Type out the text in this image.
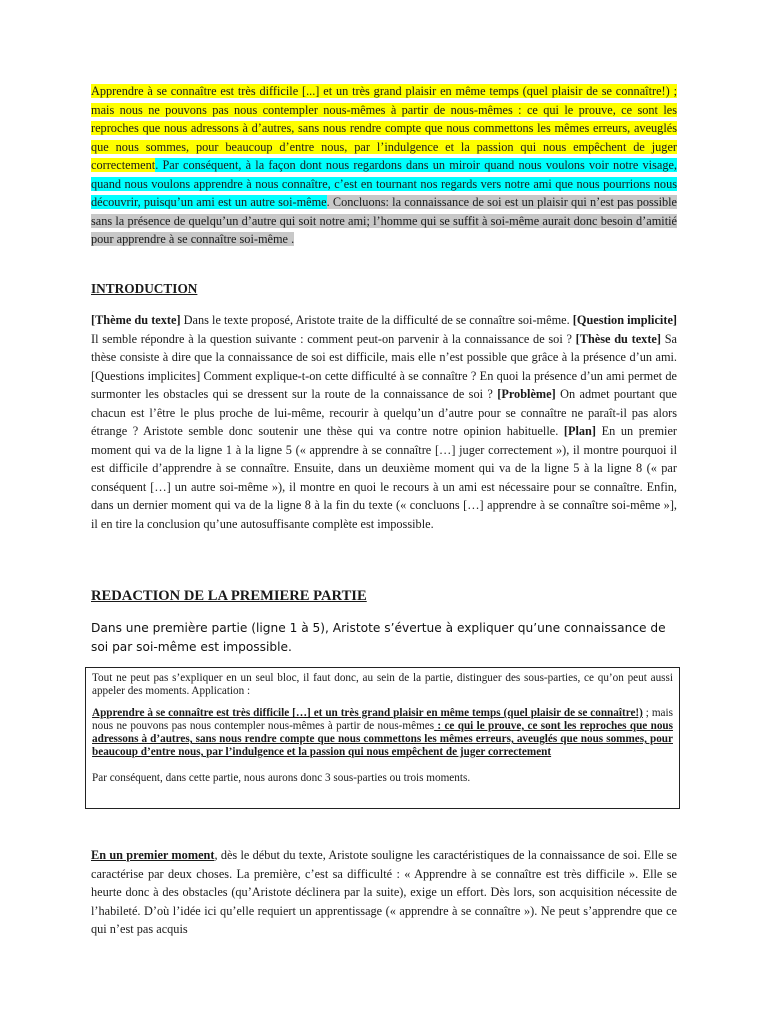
Apprendre à se connaître est très difficile [...] et un très grand plaisir en même temps (quel plaisir de se connaître!) ; mais nous ne pouvons pas nous contempler nous-mêmes à partir de nous-mêmes : ce qui le prouve, ce sont les reproches que nous adressons à d’autres, sans nous rendre compte que nous commettons les mêmes erreurs, aveuglés que nous sommes, pour beaucoup d’entre nous, par l’indulgence et la passion qui nous empêchent de juger correctement. Par conséquent, à la façon dont nous regardons dans un miroir quand nous voulons voir notre visage, quand nous voulons apprendre à nous connaître, c’est en tournant nos regards vers notre ami que nous pourrions nous découvrir, puisqu’un ami est un autre soi-même. Concluons: la connaissance de soi est un plaisir qui n’est pas possible sans la présence de quelqu’un d’autre qui soit notre ami; l’homme qui se suffit à soi-même aurait donc besoin d’amitié pour apprendre à se connaître soi-même .

INTRODUCTION

[Thème du texte] Dans le texte proposé, Aristote traite de la difficulté de se connaître soi-même. [Question implicite] Il semble répondre à la question suivante : comment peut-on parvenir à la connaissance de soi ? [Thèse du texte] Sa thèse consiste à dire que la connaissance de soi est difficile, mais elle n’est possible que grâce à la présence d’un ami. [Questions implicites] Comment explique-t-on cette difficulté à se connaître ? En quoi la présence d’un ami permet de surmonter les obstacles qui se dressent sur la route de la connaissance de soi ? [Problème] On admet pourtant que chacun est l’être le plus proche de lui-même, recourir à quelqu’un d’autre pour se connaître ne paraît-il pas alors étrange ? Aristote semble donc soutenir une thèse qui va contre notre opinion habituelle. [Plan] En un premier moment qui va de la ligne 1 à la ligne 5 (« apprendre à se connaître […] juger correctement »), il montre pourquoi il est difficile d’apprendre à se connaître. Ensuite, dans un deuxième moment qui va de la ligne 5 à la ligne 8 (« par conséquent […] un autre soi-même »), il montre en quoi le recours à un ami est nécessaire pour se connaître. Enfin, dans un dernier moment qui va de la ligne 8 à la fin du texte (« concluons […] apprendre à se connaître soi-même »], il en tire la conclusion qu’une autosuffisante complète est impossible.

REDACTION DE LA PREMIERE PARTIE

Dans une première partie (ligne 1 à 5), Aristote s’évertue à expliquer qu’une connaissance de soi par soi-même est impossible.

Tout ne peut pas s’expliquer en un seul bloc, il faut donc, au sein de la partie, distinguer des sous-parties, ce qu’on peut aussi appeler des moments. Application :

Apprendre à se connaître est très difficile […] et un très grand plaisir en même temps (quel plaisir de se connaître!) ; mais nous ne pouvons pas nous contempler nous-mêmes à partir de nous-mêmes : ce qui le prouve, ce sont les reproches que nous adressons à d’autres, sans nous rendre compte que nous commettons les mêmes erreurs, aveuglés que nous sommes, pour beaucoup d’entre nous, par l’indulgence et la passion qui nous empêchent de juger correctement

Par conséquent, dans cette partie, nous aurons donc 3 sous-parties ou trois moments.

En un premier moment, dès le début du texte, Aristote souligne les caractéristiques de la connaissance de soi. Elle se caractérise par deux choses. La première, c’est sa difficulté : « Apprendre à se connaître est très difficile ». Elle se heurte donc à des obstacles (qu’Aristote déclinera par la suite), exige un effort. Dès lors, son acquisition nécessite de l’habileté. D’où l’idée ici qu’elle requiert un apprentissage (« apprendre à se connaître »). Ne peut s’apprendre que ce qui n’est pas acquis
